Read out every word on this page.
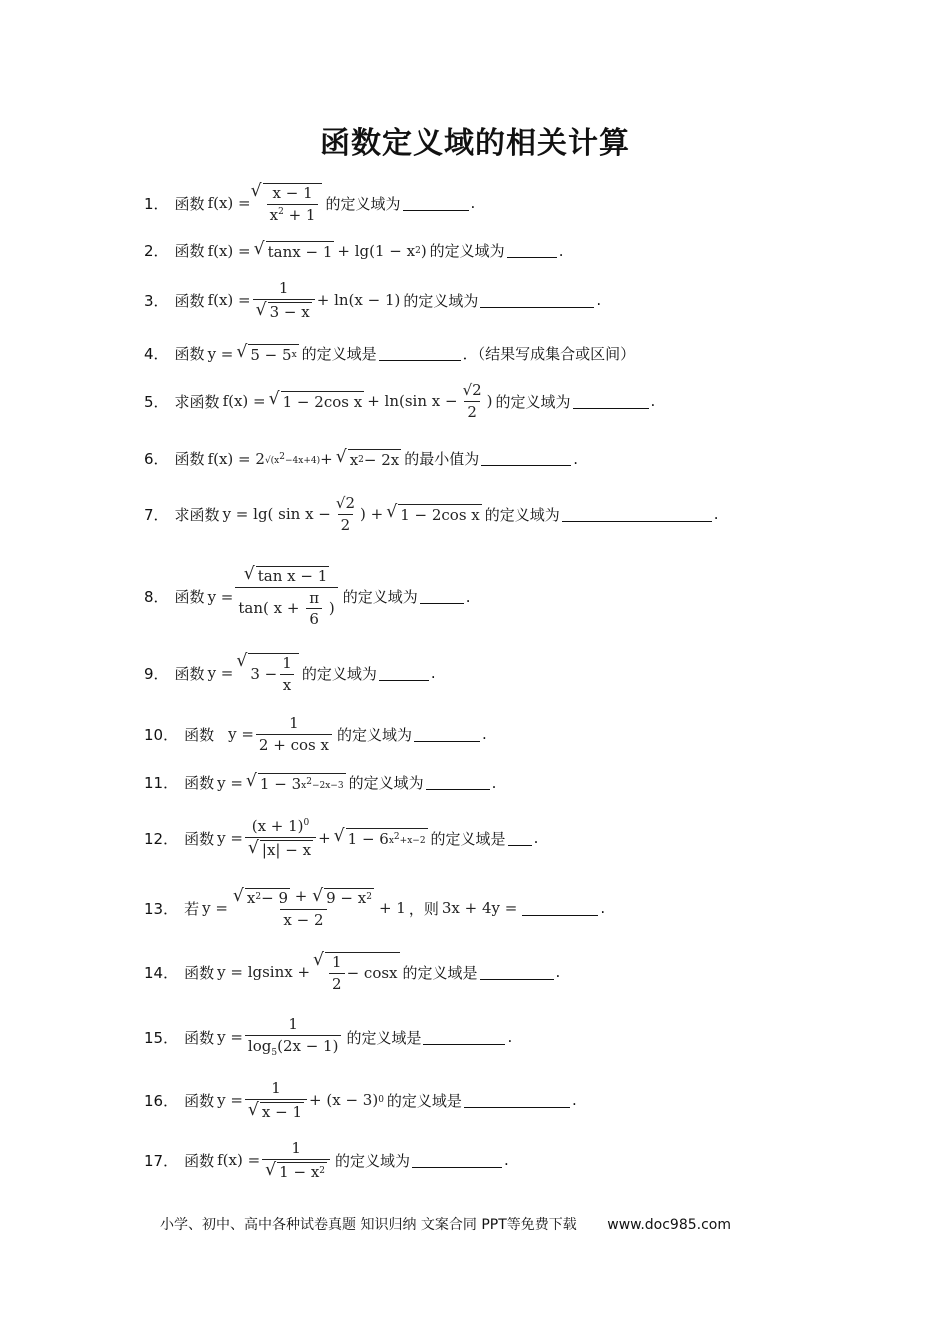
函数定义域的相关计算
1． 函数 f(x) =
√ $\frac{x - 1}{x^2 + 1}$ 的定义域为	.
2． 函数 f(x) = √ tanx − 1 + lg(1 − x 2 ) 的定义域为	.
3． 函数 $f(x) = \frac{1}{√ 3 - x} + \ln(x - 1)$ 的定义域为	.
4． 函数 y = √ 5 − 5 x 的定义域是	．（结果写成集合或区间）
5． 求函数 f(x) = √ 1 − 2cos x + ln(sin $x - \frac{√2}{2}$ ) 的定义域为	.
6． 函数 f(x) = 2 $√(x^2-4x+4)$ + √ x 2 − 2x 的最小值为	.
7． 求函数 y = lg( $\sin x - \frac{√2}{2}$ ) + √ 1 − 2cos x 的定义域为	.
8． 函数 $y = \frac{\text{√ tan x − 1}}{\tan( x + \frac{\pi}{6} )}$ 的定义域为	.
9． 函数 y =
√
$3 - \frac{1}{x}$ 的定义域为	.
10． 函数 $y = \frac{1}{\text{2 + cos x}}$ 的定义域为	.
11． 函数 y = √ 1 − 3 $x^2-2x-3$ 的定义域为	.
12． 函数 $y = \frac{(x + 1)^0}{√ |x| - x}$ + √ 1 − 6 $x^2+x-2$ 的定义域是 .
13． 若 $y = \frac{√ x 2 - 9 + √ 9 - x 2}{x - 2} + 1$ ，则 3x + 4y =	.
14． 函数 y = lgsinx +
√ $\frac{1}{2} - \cos x$ 的定义域是	.
15． 函数 $y = \frac{1}{\log_5(2x - 1)}$ 的定义域是	.
16． 函数 $y = \frac{1}{√ x - 1} + (x - 3)$ 0 的定义域是	.
17． 函数 $f(x) = \frac{1}{√ 1 - x 2}$ 的定义域为	.
小学、初中、高中各种试卷真题 知识归纳 文案合同 PPT等免费下载 www.doc985.com
